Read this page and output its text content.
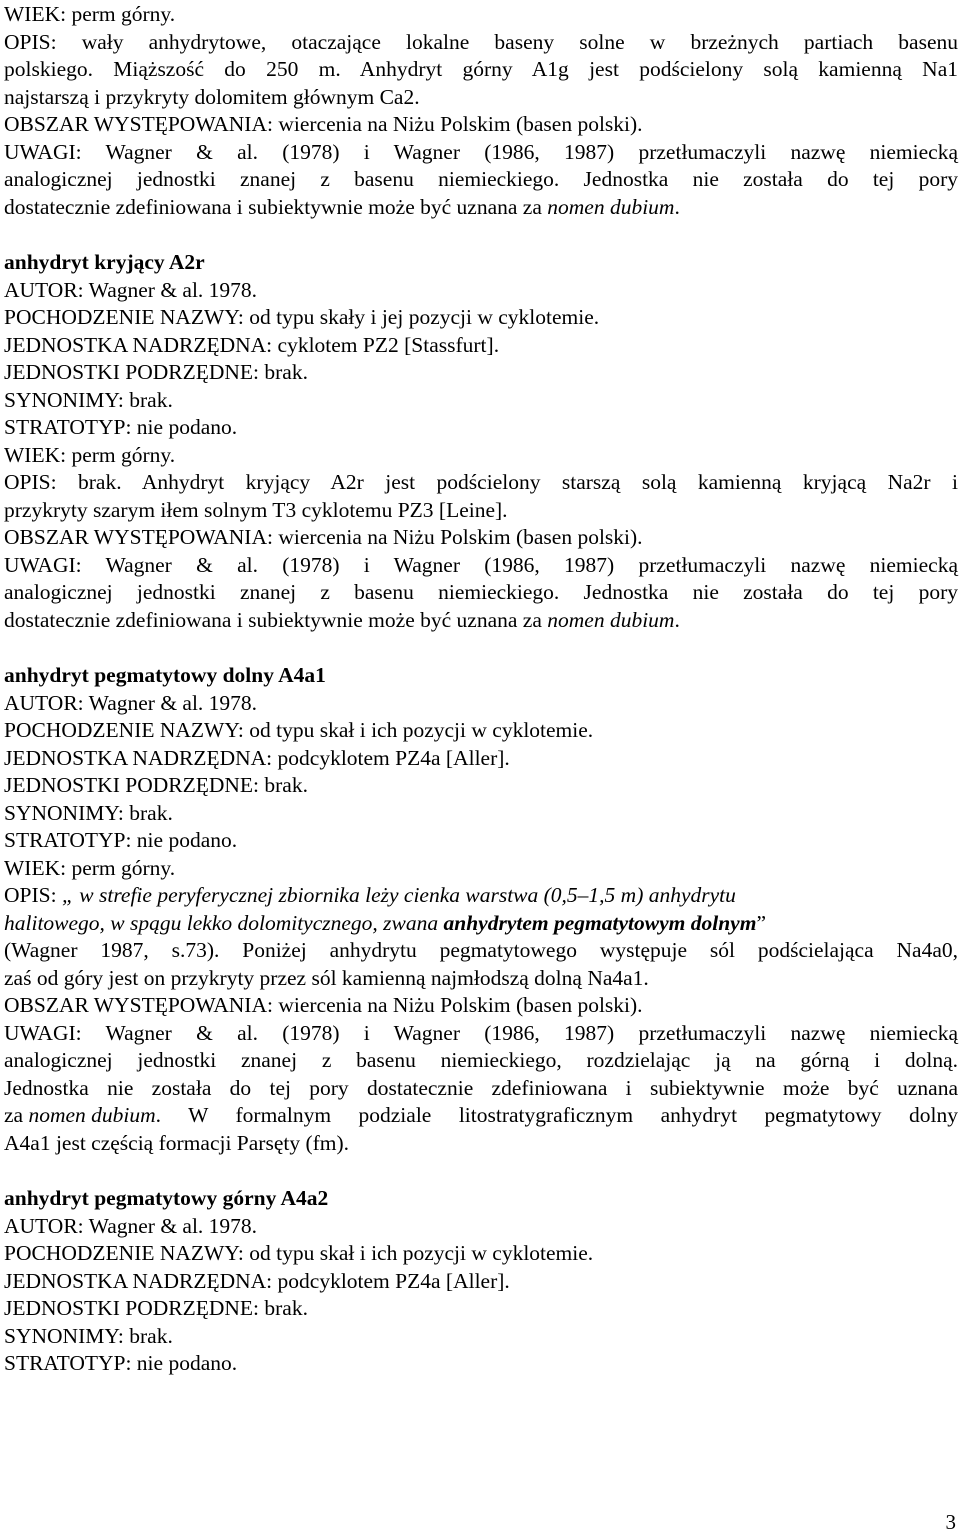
WIEK: perm górny.
OPIS: wały anhydrytowe, otaczające lokalne baseny solne w brzeżnych partiach basenu
polskiego. Miąższość do 250 m. Anhydryt górny A1g jest podścielony solą kamienną Na1
najstarszą i przykryty dolomitem głównym Ca2.
OBSZAR WYSTĘPOWANIA: wiercenia na Niżu Polskim (basen polski).
UWAGI: Wagner & al. (1978) i Wagner (1986, 1987) przetłumaczyli nazwę niemiecką
analogicznej jednostki znanej z basenu niemieckiego. Jednostka nie została do tej pory
dostatecznie zdefiniowana i subiektywnie może być uznana za nomen dubium.
anhydryt kryjący A2r
AUTOR: Wagner & al. 1978.
POCHODZENIE NAZWY: od typu skały i jej pozycji w cyklotemie.
JEDNOSTKA NADRZĘDNA: cyklotem PZ2 [Stassfurt].
JEDNOSTKI PODRZĘDNE: brak.
SYNONIMY: brak.
STRATOTYP: nie podano.
WIEK: perm górny.
OPIS: brak. Anhydryt kryjący A2r jest podścielony starszą solą kamienną kryjącą Na2r i
przykryty szarym iłem solnym T3 cyklotemu PZ3 [Leine].
OBSZAR WYSTĘPOWANIA: wiercenia na Niżu Polskim (basen polski).
UWAGI: Wagner & al. (1978) i Wagner (1986, 1987) przetłumaczyli nazwę niemiecką
analogicznej jednostki znanej z basenu niemieckiego. Jednostka nie została do tej pory
dostatecznie zdefiniowana i subiektywnie może być uznana za nomen dubium.
anhydryt pegmatytowy dolny A4a1
AUTOR: Wagner & al. 1978.
POCHODZENIE NAZWY: od typu skał i ich pozycji w cyklotemie.
JEDNOSTKA NADRZĘDNA: podcyklotem PZ4a [Aller].
JEDNOSTKI PODRZĘDNE: brak.
SYNONIMY: brak.
STRATOTYP: nie podano.
WIEK: perm górny.
OPIS: „ w strefie peryferycznej zbiornika leży cienka warstwa (0,5–1,5 m) anhydrytu
halitowego, w spągu lekko dolomitycznego, zwana anhydrytem pegmatytowym dolnym”
(Wagner 1987, s.73). Poniżej anhydrytu pegmatytowego występuje sól podścielająca Na4a0,
zaś od góry jest on przykryty przez sól kamienną najmłodszą dolną Na4a1.
OBSZAR WYSTĘPOWANIA: wiercenia na Niżu Polskim (basen polski).
UWAGI: Wagner & al. (1978) i Wagner (1986, 1987) przetłumaczyli nazwę niemiecką
analogicznej jednostki znanej z basenu niemieckiego, rozdzielając ją na górną i dolną.
Jednostka nie została do tej pory dostatecznie zdefiniowana i subiektywnie może być uznana
za nomen dubium . W formalnym podziale litostratygraficznym anhydryt pegmatytowy dolny
A4a1 jest częścią formacji Parsęty (fm).
anhydryt pegmatytowy górny A4a2
AUTOR: Wagner & al. 1978.
POCHODZENIE NAZWY: od typu skał i ich pozycji w cyklotemie.
JEDNOSTKA NADRZĘDNA: podcyklotem PZ4a [Aller].
JEDNOSTKI PODRZĘDNE: brak.
SYNONIMY: brak.
STRATOTYP: nie podano.
3
